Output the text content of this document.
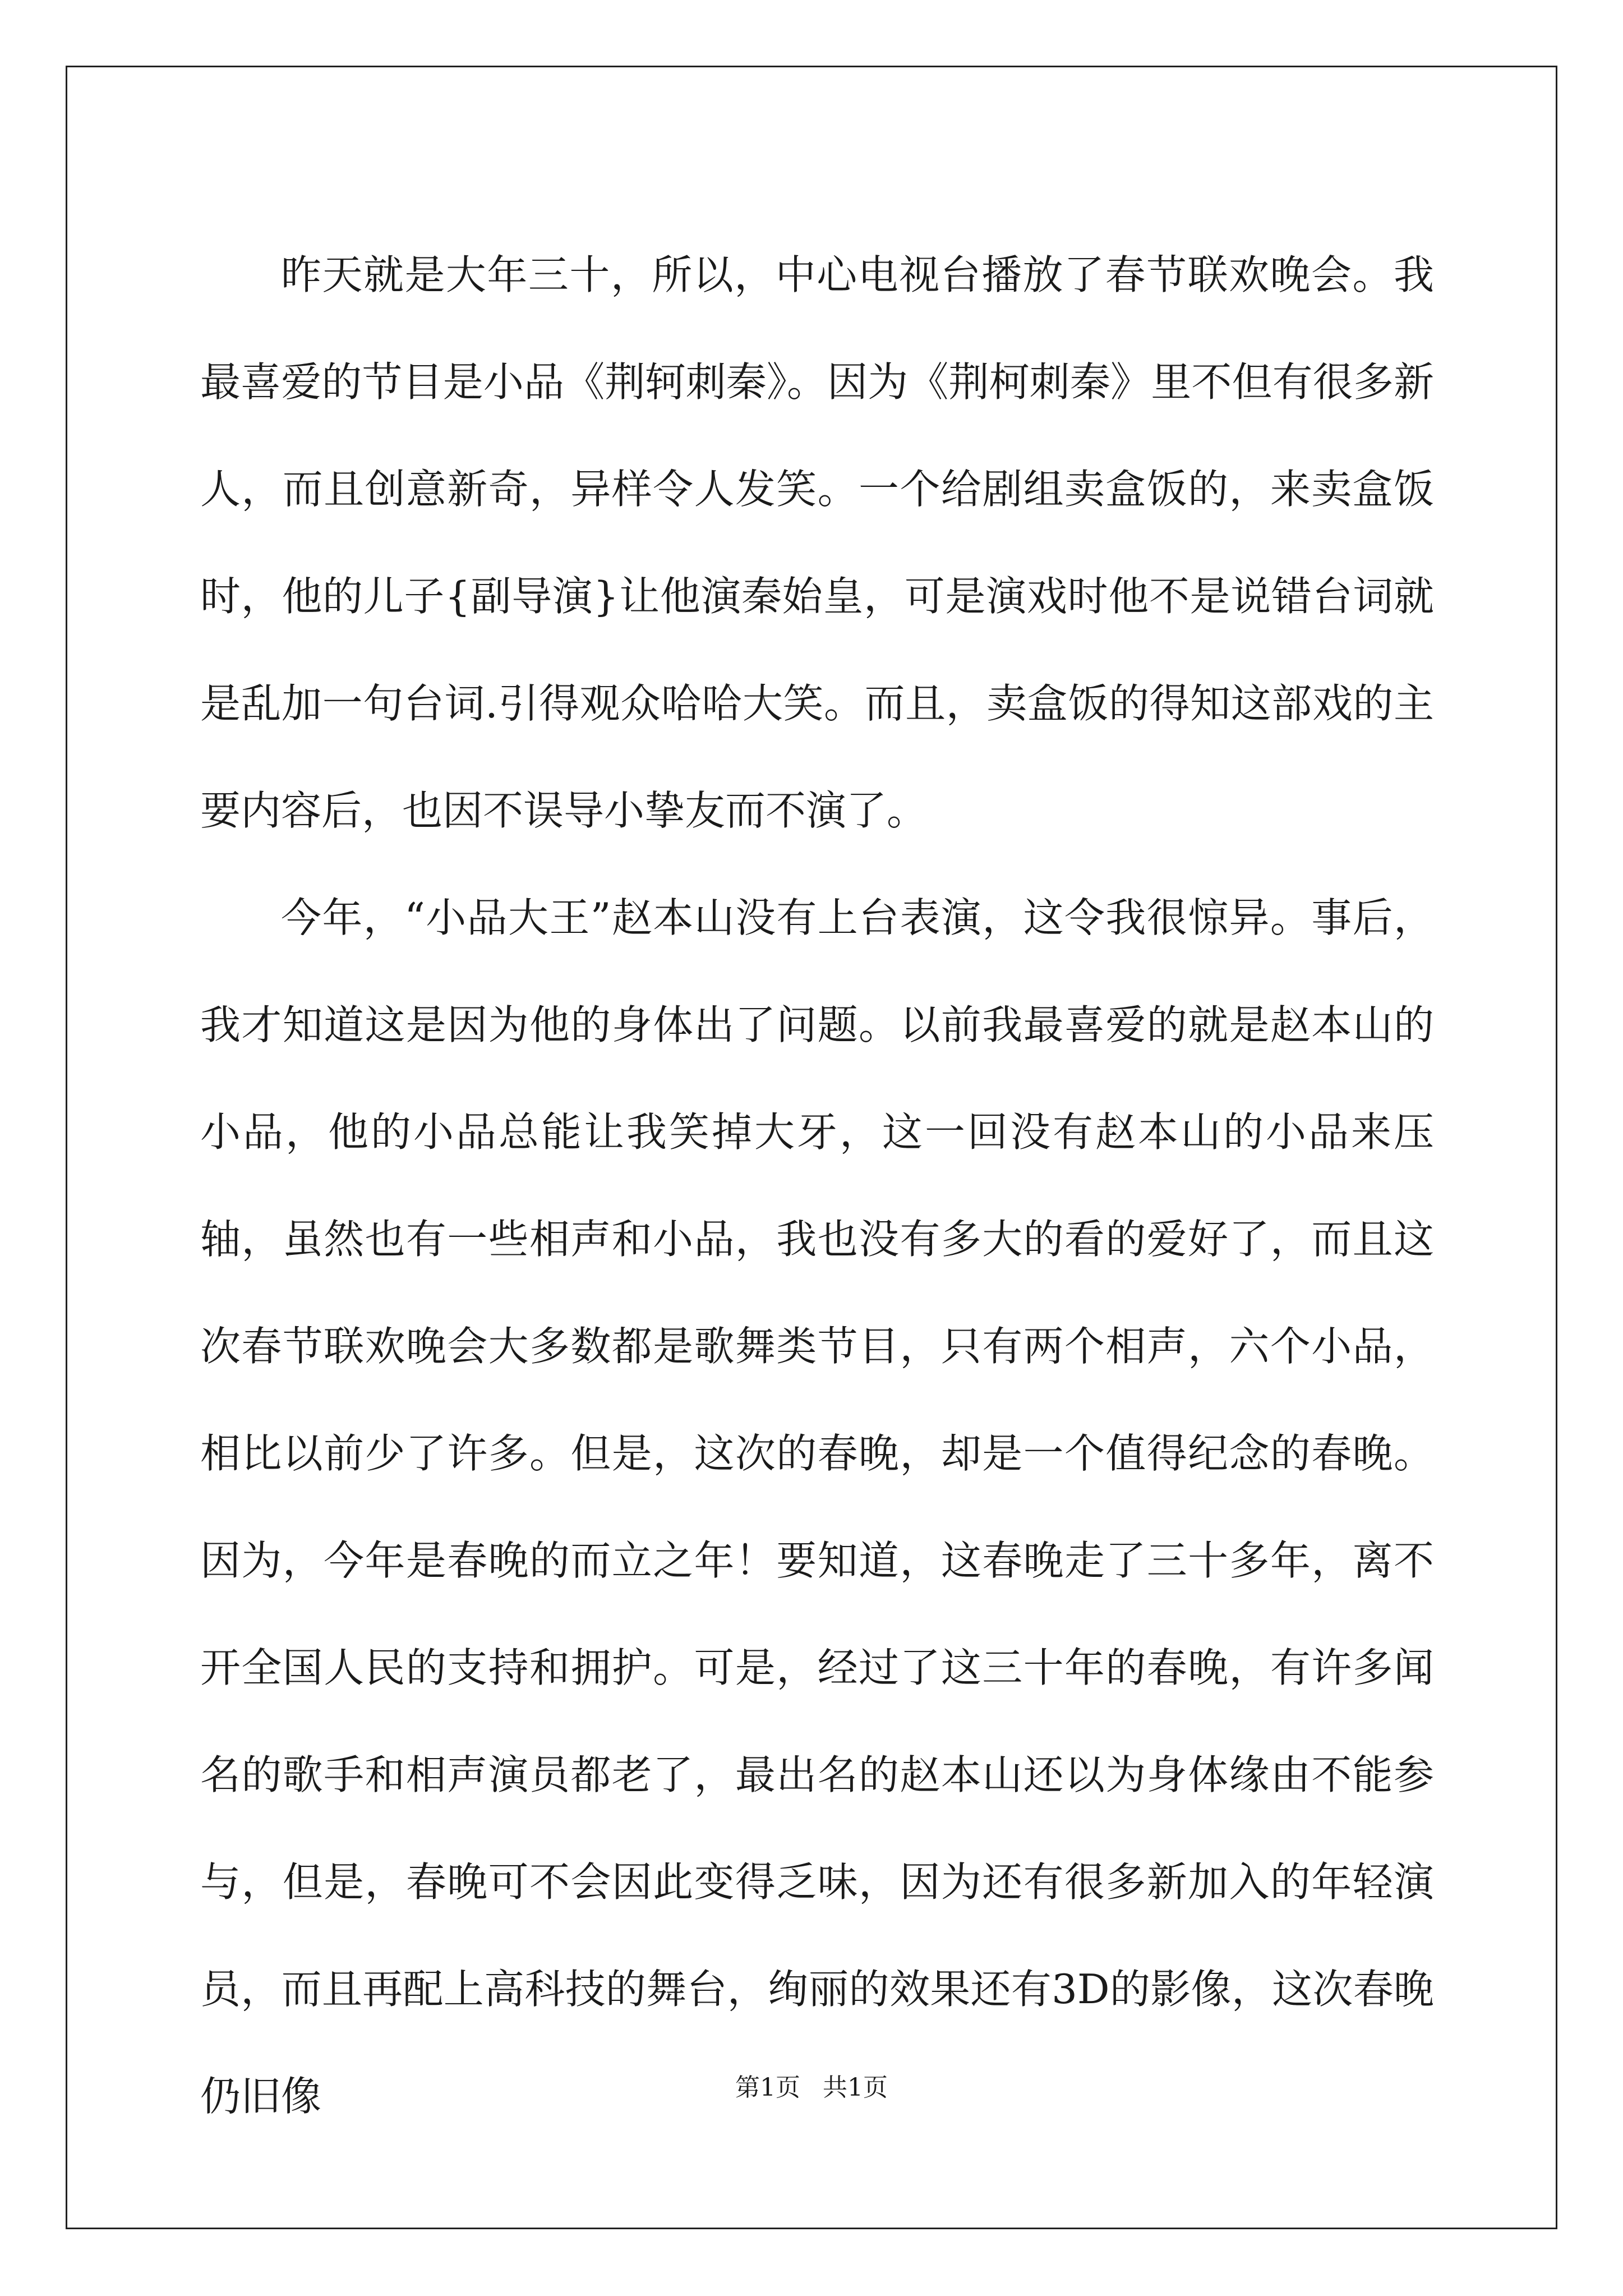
昨天就是大年三十，所以，中心电视台播放了春节联欢晚会。我最喜爱的节目是小品《荆轲刺秦》。因为《荆柯刺秦》里不但有很多新人，而且创意新奇，异样令人发笑。一个给剧组卖盒饭的，来卖盒饭时，他的儿子{副导演}让他演秦始皇，可是演戏时他不是说错台词就是乱加一句台词.引得观众哈哈大笑。而且，卖盒饭的得知这部戏的主要内容后，也因不误导小挚友而不演了。

今年，“小品大王”赵本山没有上台表演，这令我很惊异。事后，我才知道这是因为他的身体出了问题。以前我最喜爱的就是赵本山的小品，他的小品总能让我笑掉大牙，这一回没有赵本山的小品来压轴，虽然也有一些相声和小品，我也没有多大的看的爱好了，而且这次春节联欢晚会大多数都是歌舞类节目，只有两个相声，六个小品，相比以前少了许多。但是，这次的春晚，却是一个值得纪念的春晚。因为，今年是春晚的而立之年！要知道，这春晚走了三十多年，离不开全国人民的支持和拥护。可是，经过了这三十年的春晚，有许多闻名的歌手和相声演员都老了，最出名的赵本山还以为身体缘由不能参与，但是，春晚可不会因此变得乏味，因为还有很多新加入的年轻演员，而且再配上高科技的舞台，绚丽的效果还有3D的影像，这次春晚仍旧像	第1页 共1页
